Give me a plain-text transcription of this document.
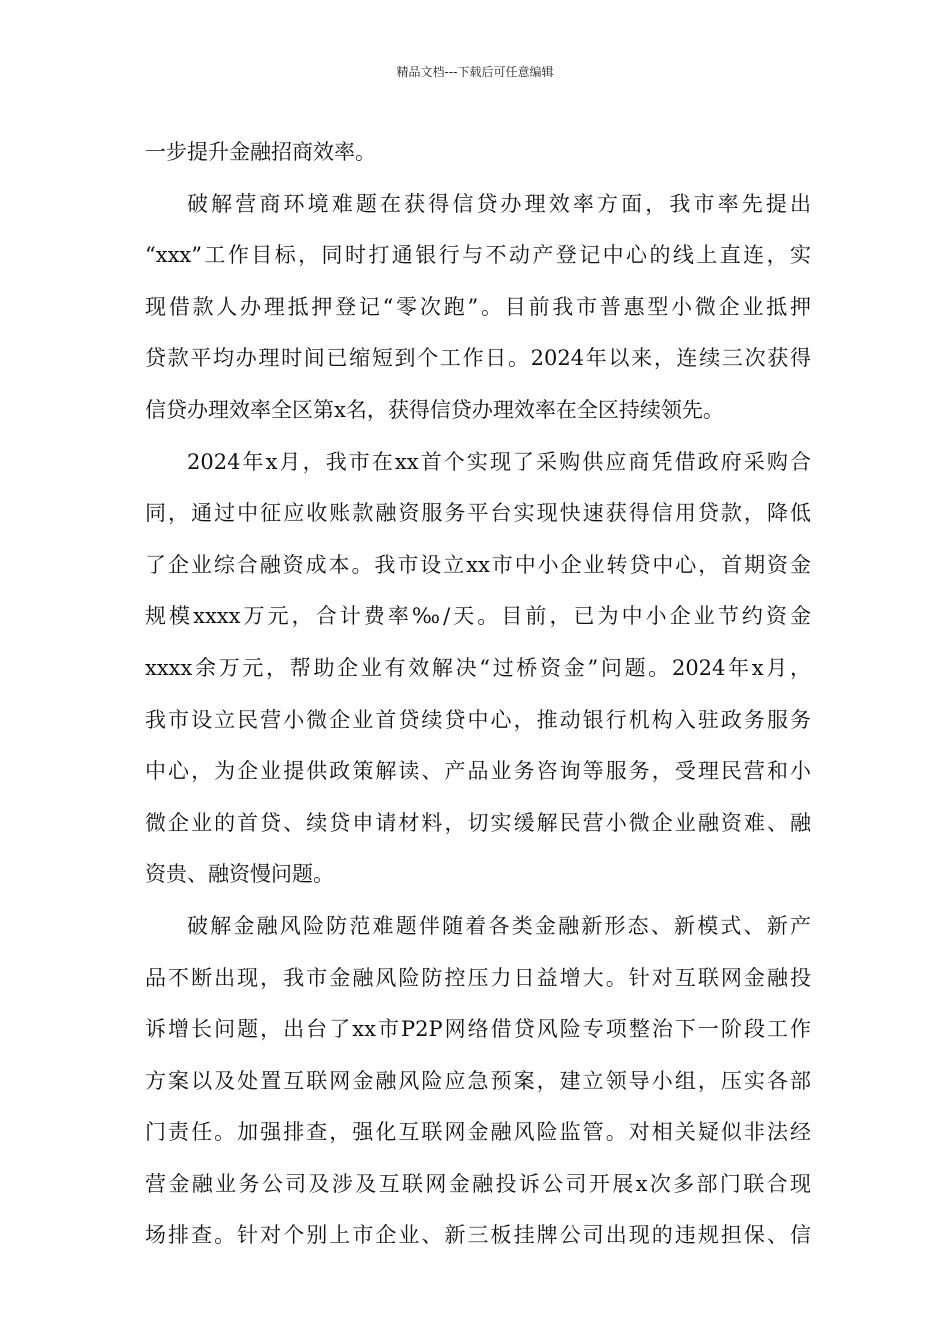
精品文档---下载后可任意编辑
一步提升金融招商效率。
破解营商环境难题在获得信贷办理效率方面，我市率先提出
“xxx”工作目标，同时打通银行与不动产登记中心的线上直连，实
现借款人办理抵押登记“零次跑”。目前我市普惠型小微企业抵押
贷款平均办理时间已缩短到个工作日。2024年以来，连续三次获得
信贷办理效率全区第x名，获得信贷办理效率在全区持续领先。
2024年x月，我市在xx首个实现了采购供应商凭借政府采购合
同，通过中征应收账款融资服务平台实现快速获得信用贷款，降低
了企业综合融资成本。我市设立xx市中小企业转贷中心，首期资金
规模xxxx万元，合计费率‰/天。目前，已为中小企业节约资金
xxxx余万元，帮助企业有效解决“过桥资金”问题。2024年x月，
我市设立民营小微企业首贷续贷中心，推动银行机构入驻政务服务
中心，为企业提供政策解读、产品业务咨询等服务，受理民营和小
微企业的首贷、续贷申请材料，切实缓解民营小微企业融资难、融
资贵、融资慢问题。
破解金融风险防范难题伴随着各类金融新形态、新模式、新产
品不断出现，我市金融风险防控压力日益增大。针对互联网金融投
诉增长问题，出台了xx市P2P网络借贷风险专项整治下一阶段工作
方案以及处置互联网金融风险应急预案，建立领导小组，压实各部
门责任。加强排查，强化互联网金融风险监管。对相关疑似非法经
营金融业务公司及涉及互联网金融投诉公司开展x次多部门联合现
场排查。针对个别上市企业、新三板挂牌公司出现的违规担保、信
